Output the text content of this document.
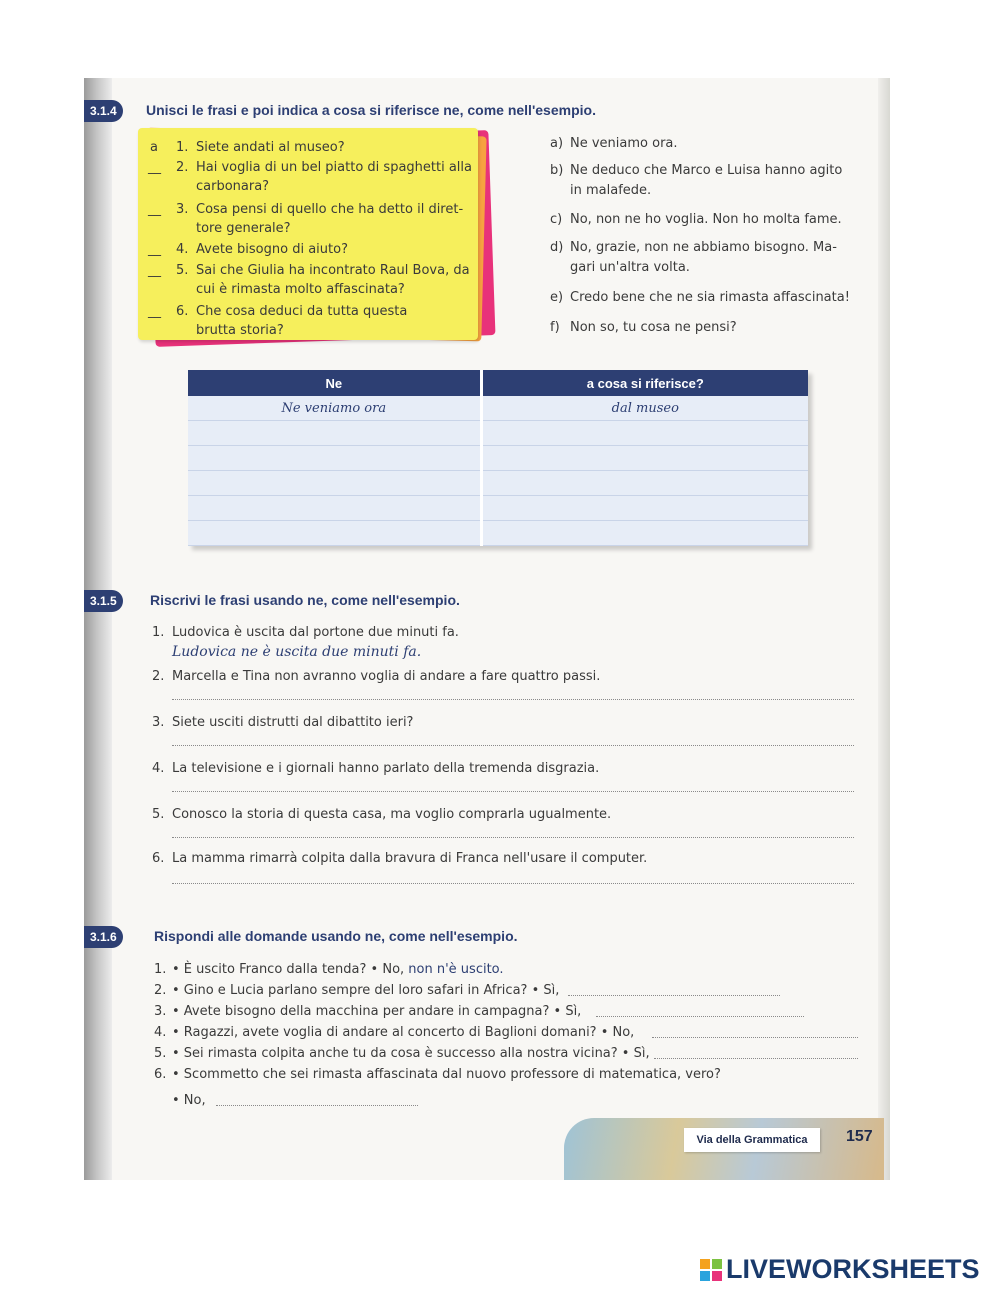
3.1.4	Unisci le frasi e poi indica a cosa si riferisce ne, come nell'esempio.
a 1. Siete andati al museo?
__ 2. Hai voglia di un bel piatto di spaghetti alla
carbonara?
__ 3. Cosa pensi di quello che ha detto il diret-
tore generale?
__ 4. Avete bisogno di aiuto?
__ 5. Sai che Giulia ha incontrato Raul Bova, da
cui è rimasta molto affascinata?
__ 6. Che cosa deduci da tutta questa
brutta storia?
a) Ne veniamo ora.
b) Ne deduco che Marco e Luisa hanno agito
in malafede.
c) No, non ne ho voglia. Non ho molta fame.
d) No, grazie, non ne abbiamo bisogno. Ma-
gari un'altra volta.
e) Credo bene che ne sia rimasta affascinata!
f) Non so, tu cosa ne pensi?
Ne	a cosa si riferisce?
Ne veniamo ora	dal museo

3.1.5	Riscrivi le frasi usando ne, come nell'esempio.
1. Ludovica è uscita dal portone due minuti fa.
Ludovica ne è uscita due minuti fa.
2. Marcella e Tina non avranno voglia di andare a fare quattro passi.
3. Siete usciti distrutti dal dibattito ieri?
4. La televisione e i giornali hanno parlato della tremenda disgrazia.
5. Conosco la storia di questa casa, ma voglio comprarla ugualmente.
6. La mamma rimarrà colpita dalla bravura di Franca nell'usare il computer.
3.1.6	Rispondi alle domande usando ne, come nell'esempio.
1. • È uscito Franco dalla tenda? • No, non n'è uscito.
2. • Gino e Lucia parlano sempre del loro safari in Africa? • Sì,
3. • Avete bisogno della macchina per andare in campagna? • Sì,
4. • Ragazzi, avete voglia di andare al concerto di Baglioni domani? • No,
5. • Sei rimasta colpita anche tu da cosa è successo alla nostra vicina? • Sì,
6. • Scommetto che sei rimasta affascinata dal nuovo professore di matematica, vero?
• No,
Via della Grammatica	157
LIVEWORKSHEETS
